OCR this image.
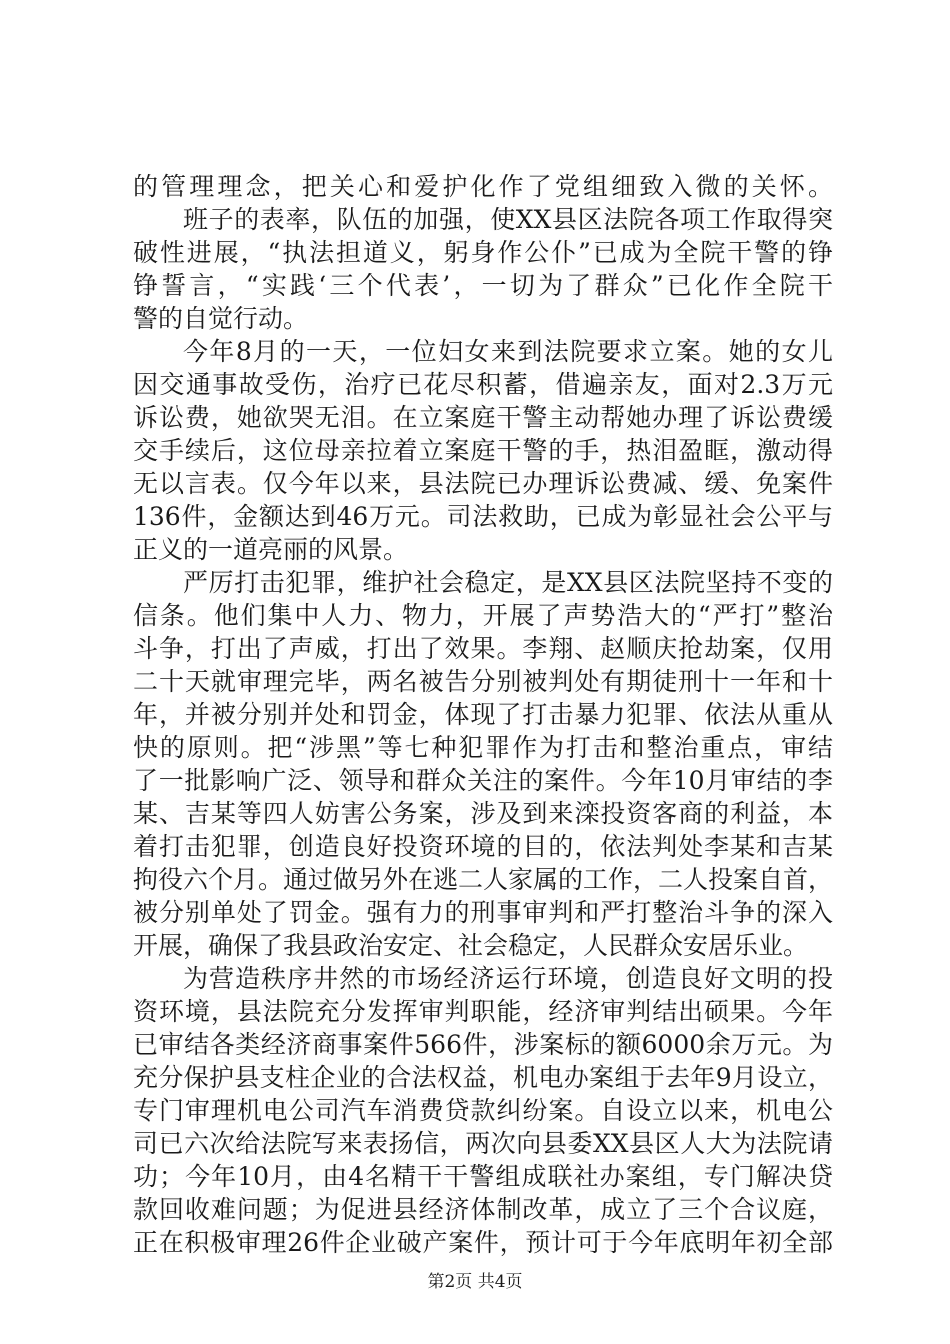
的管理理念，把关心和爱护化作了党组细致入微的关怀。
班子的表率，队伍的加强，使XX县区法院各项工作取得突
破性进展，“执法担道义，躬身作公仆”已成为全院干警的铮
铮誓言，“实践‘三个代表’，一切为了群众”已化作全院干
警的自觉行动。
今年8月的一天，一位妇女来到法院要求立案。她的女儿
因交通事故受伤，治疗已花尽积蓄，借遍亲友，面对2.3万元
诉讼费，她欲哭无泪。在立案庭干警主动帮她办理了诉讼费缓
交手续后，这位母亲拉着立案庭干警的手，热泪盈眶，激动得
无以言表。仅今年以来，县法院已办理诉讼费减、缓、免案件
136件，金额达到46万元。司法救助，已成为彰显社会公平与
正义的一道亮丽的风景。
严厉打击犯罪，维护社会稳定，是XX县区法院坚持不变的
信条。他们集中人力、物力，开展了声势浩大的“严打”整治
斗争，打出了声威，打出了效果。李翔、赵顺庆抢劫案，仅用
二十天就审理完毕，两名被告分别被判处有期徒刑十一年和十
年，并被分别并处和罚金，体现了打击暴力犯罪、依法从重从
快的原则。把“涉黑”等七种犯罪作为打击和整治重点，审结
了一批影响广泛、领导和群众关注的案件。今年10月审结的李
某、吉某等四人妨害公务案，涉及到来滦投资客商的利益，本
着打击犯罪，创造良好投资环境的目的，依法判处李某和吉某
拘役六个月。通过做另外在逃二人家属的工作，二人投案自首，
被分别单处了罚金。强有力的刑事审判和严打整治斗争的深入
开展，确保了我县政治安定、社会稳定，人民群众安居乐业。
为营造秩序井然的市场经济运行环境，创造良好文明的投
资环境，县法院充分发挥审判职能，经济审判结出硕果。今年
已审结各类经济商事案件566件，涉案标的额6000余万元。为
充分保护县支柱企业的合法权益，机电办案组于去年9月设立，
专门审理机电公司汽车消费贷款纠纷案。自设立以来，机电公
司已六次给法院写来表扬信，两次向县委XX县区人大为法院请
功；今年10月，由4名精干干警组成联社办案组，专门解决贷
款回收难问题；为促进县经济体制改革，成立了三个合议庭，
正在积极审理26件企业破产案件，预计可于今年底明年初全部
第2页 共4页
